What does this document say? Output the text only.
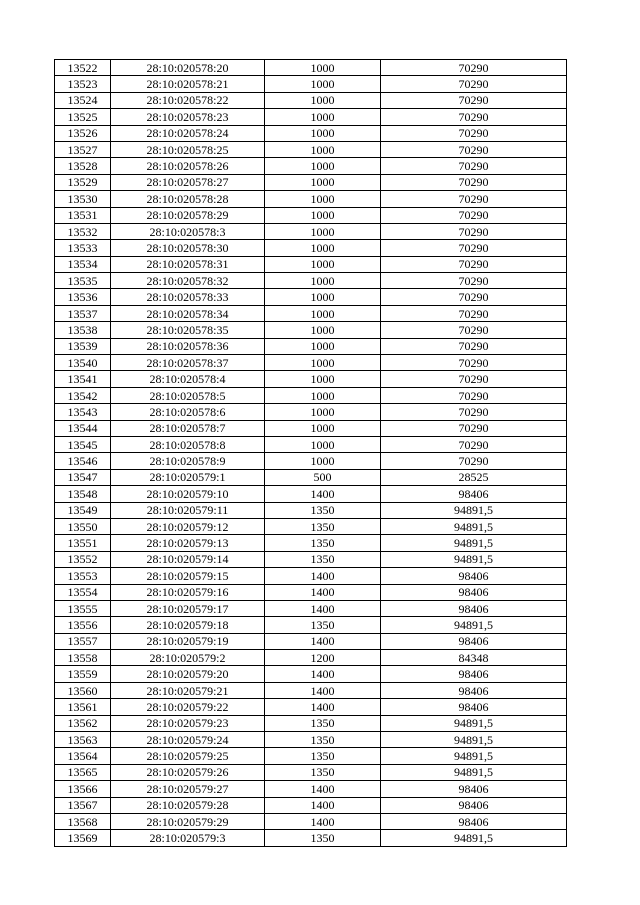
13522	28:10:020578:20	1000	70290
13523	28:10:020578:21	1000	70290
13524	28:10:020578:22	1000	70290
13525	28:10:020578:23	1000	70290
13526	28:10:020578:24	1000	70290
13527	28:10:020578:25	1000	70290
13528	28:10:020578:26	1000	70290
13529	28:10:020578:27	1000	70290
13530	28:10:020578:28	1000	70290
13531	28:10:020578:29	1000	70290
13532	28:10:020578:3	1000	70290
13533	28:10:020578:30	1000	70290
13534	28:10:020578:31	1000	70290
13535	28:10:020578:32	1000	70290
13536	28:10:020578:33	1000	70290
13537	28:10:020578:34	1000	70290
13538	28:10:020578:35	1000	70290
13539	28:10:020578:36	1000	70290
13540	28:10:020578:37	1000	70290
13541	28:10:020578:4	1000	70290
13542	28:10:020578:5	1000	70290
13543	28:10:020578:6	1000	70290
13544	28:10:020578:7	1000	70290
13545	28:10:020578:8	1000	70290
13546	28:10:020578:9	1000	70290
13547	28:10:020579:1	500	28525
13548	28:10:020579:10	1400	98406
13549	28:10:020579:11	1350	94891,5
13550	28:10:020579:12	1350	94891,5
13551	28:10:020579:13	1350	94891,5
13552	28:10:020579:14	1350	94891,5
13553	28:10:020579:15	1400	98406
13554	28:10:020579:16	1400	98406
13555	28:10:020579:17	1400	98406
13556	28:10:020579:18	1350	94891,5
13557	28:10:020579:19	1400	98406
13558	28:10:020579:2	1200	84348
13559	28:10:020579:20	1400	98406
13560	28:10:020579:21	1400	98406
13561	28:10:020579:22	1400	98406
13562	28:10:020579:23	1350	94891,5
13563	28:10:020579:24	1350	94891,5
13564	28:10:020579:25	1350	94891,5
13565	28:10:020579:26	1350	94891,5
13566	28:10:020579:27	1400	98406
13567	28:10:020579:28	1400	98406
13568	28:10:020579:29	1400	98406
13569	28:10:020579:3	1350	94891,5
